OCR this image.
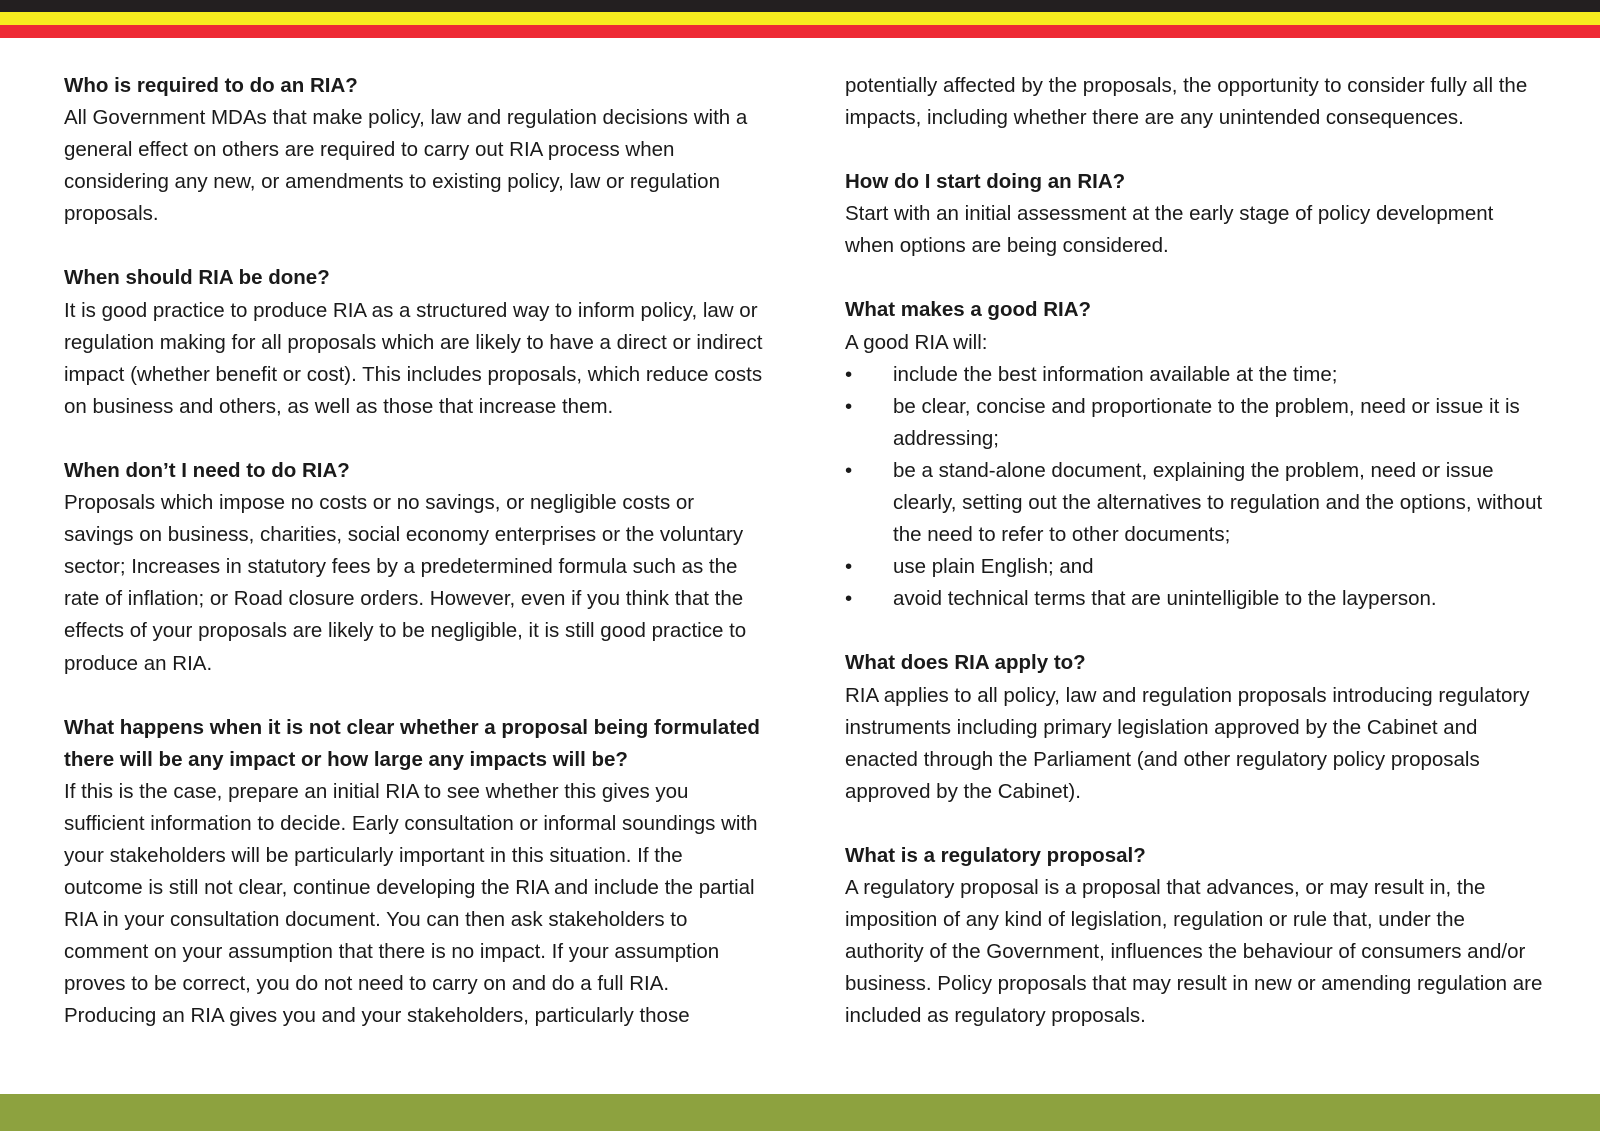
Who is required to do an RIA?

All Government MDAs that make policy, law and regulation decisions with a general effect on others are required to carry out RIA process when considering any new, or amendments to existing policy, law or regulation proposals.

When should RIA be done?

It is good practice to produce RIA as a structured way to inform policy, law or regulation making for all proposals which are likely to have a direct or indirect impact (whether benefit or cost). This includes proposals, which reduce costs on business and others, as well as those that increase them.

When don’t I need to do RIA?

Proposals which impose no costs or no savings, or negligible costs or savings on business, charities, social economy enterprises or the voluntary sector; Increases in statutory fees by a predetermined formula such as the rate of inflation; or Road closure orders. However, even if you think that the effects of your proposals are likely to be negligible, it is still good practice to produce an RIA.

What happens when it is not clear whether a proposal being formulated there will be any impact or how large any impacts will be?

If this is the case, prepare an initial RIA to see whether this gives you sufficient information to decide. Early consultation or informal soundings with your stakeholders will be particularly important in this situation. If the outcome is still not clear, continue developing the RIA and include the partial RIA in your consultation document. You can then ask stakeholders to comment on your assumption that there is no impact. If your assumption proves to be correct, you do not need to carry on and do a full RIA. Producing an RIA gives you and your stakeholders, particularly those

potentially affected by the proposals, the opportunity to consider fully all the impacts, including whether there are any unintended consequences.

How do I start doing an RIA?

Start with an initial assessment at the early stage of policy development when options are being considered.

What makes a good RIA?

A good RIA will:

• include the best information available at the time;
• be clear, concise and proportionate to the problem, need or issue it is addressing;
• be a stand-alone document, explaining the problem, need or issue clearly, setting out the alternatives to regulation and the options, without the need to refer to other documents;
• use plain English; and
• avoid technical terms that are unintelligible to the layperson.
What does RIA apply to?

RIA applies to all policy, law and regulation proposals introducing regulatory instruments including primary legislation approved by the Cabinet and enacted through the Parliament (and other regulatory policy proposals approved by the Cabinet).

What is a regulatory proposal?

A regulatory proposal is a proposal that advances, or may result in, the imposition of any kind of legislation, regulation or rule that, under the authority of the Government, influences the behaviour of consumers and/or business. Policy proposals that may result in new or amending regulation are included as regulatory proposals.
